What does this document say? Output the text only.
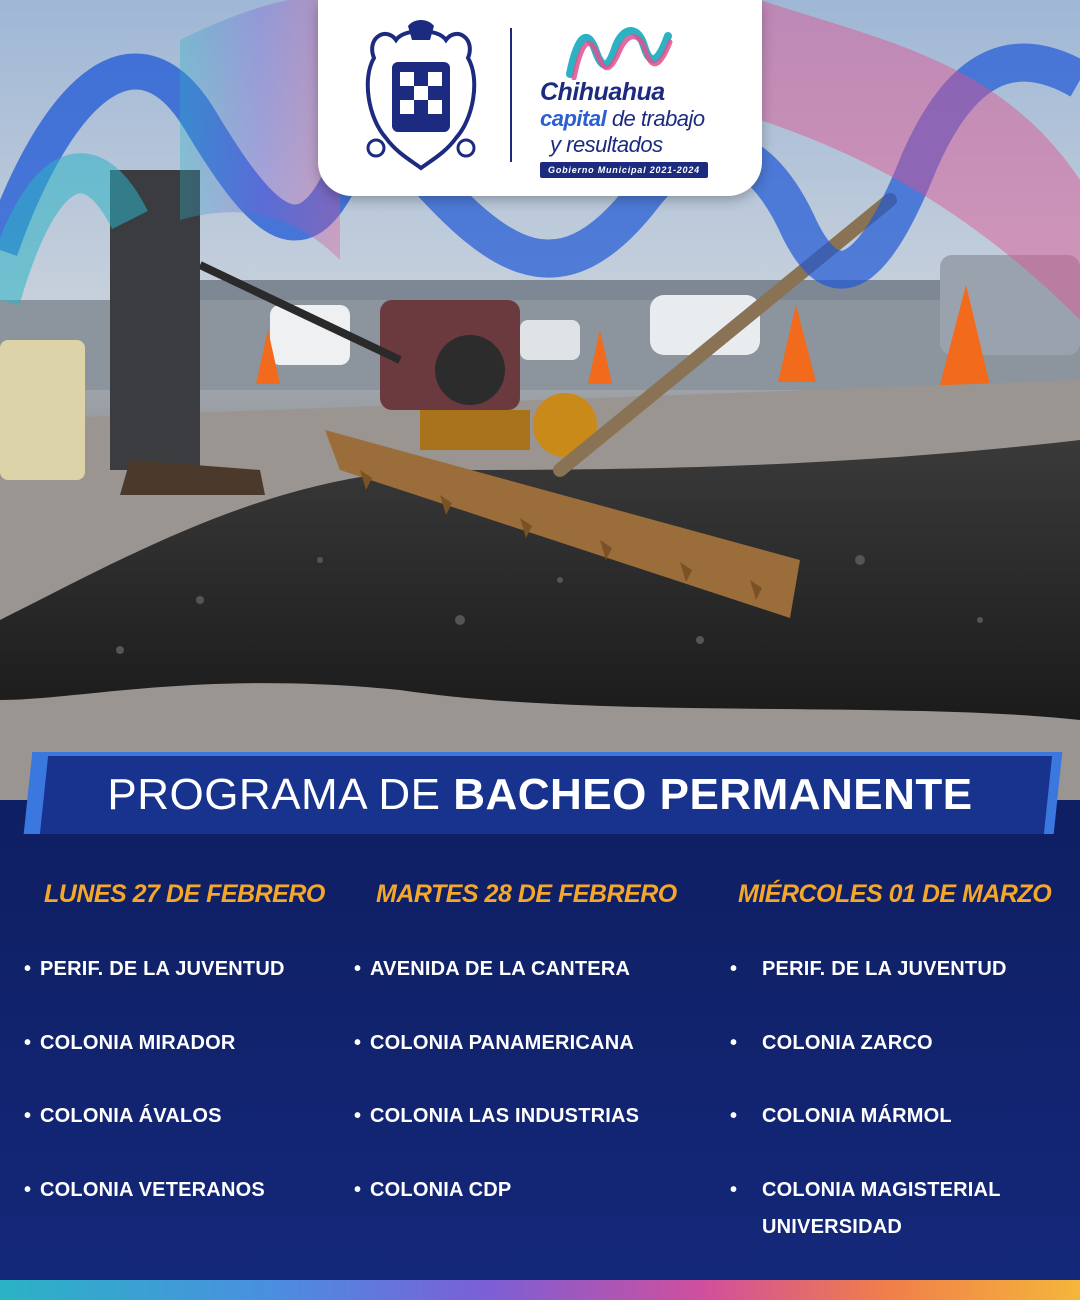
Chihuahua
capital de trabajo
y resultados
Gobierno Municipal 2021-2024
PROGRAMA DE BACHEO PERMANENTE
LUNES 27 DE FEBRERO
• PERIF. DE LA JUVENTUD
• COLONIA MIRADOR
• COLONIA ÁVALOS
• COLONIA VETERANOS
MARTES 28 DE FEBRERO
• AVENIDA DE LA CANTERA
• COLONIA PANAMERICANA
• COLONIA LAS INDUSTRIAS
• COLONIA CDP
MIÉRCOLES 01 DE MARZO
• PERIF. DE LA JUVENTUD
• COLONIA ZARCO
• COLONIA MÁRMOL
• COLONIA MAGISTERIAL
UNIVERSIDAD
